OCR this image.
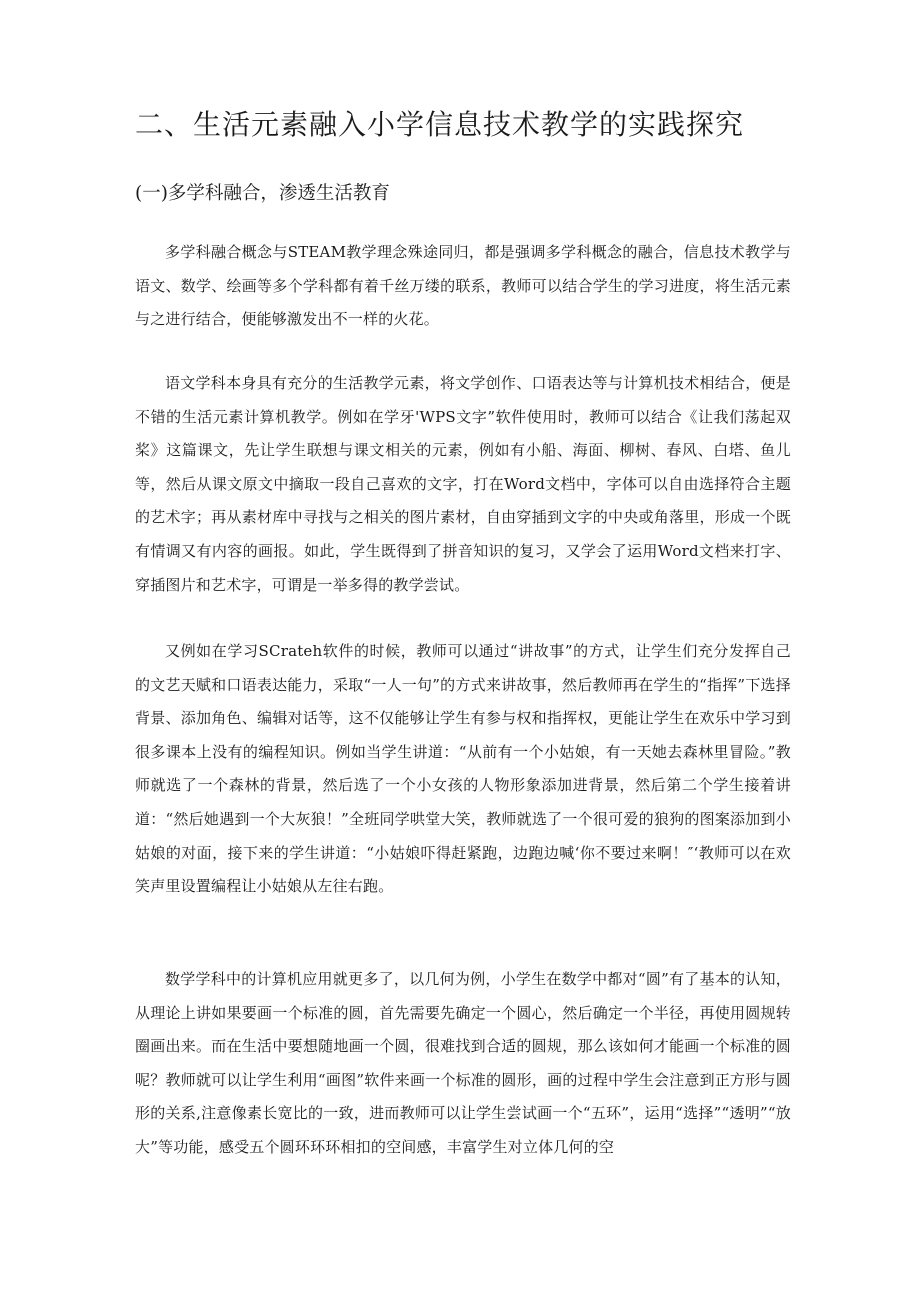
二、生活元素融入小学信息技术教学的实践探究
(一)多学科融合，渗透生活教育

多学科融合概念与STEAM教学理念殊途同归，都是强调多学科概念的融合，信息技术教学与语文、数学、绘画等多个学科都有着千丝万缕的联系，教师可以结合学生的学习进度，将生活元素与之进行结合，便能够激发出不一样的火花。

语文学科本身具有充分的生活教学元素，将文学创作、口语表达等与计算机技术相结合，便是不错的生活元素计算机教学。例如在学牙'WPS文字”软件使用时，教师可以结合《让我们荡起双桨》这篇课文，先让学生联想与课文相关的元素，例如有小船、海面、柳树、春风、白塔、鱼儿等，然后从课文原文中摘取一段自己喜欢的文字，打在Word文档中，字体可以自由选择符合主题的艺术字；再从素材库中寻找与之相关的图片素材，自由穿插到文字的中央或角落里，形成一个既有情调又有内容的画报。如此，学生既得到了拼音知识的复习，又学会了运用Word文档来打字、穿插图片和艺术字，可谓是一举多得的教学尝试。

又例如在学习SCrateh软件的时候，教师可以通过“讲故事”的方式，让学生们充分发挥自己的文艺天赋和口语表达能力，采取“一人一句”的方式来讲故事，然后教师再在学生的“指挥”下选择背景、添加角色、编辑对话等，这不仅能够让学生有参与权和指挥权，更能让学生在欢乐中学习到很多课本上没有的编程知识。例如当学生讲道：“从前有一个小姑娘，有一天她去森林里冒险。”教师就选了一个森林的背景，然后选了一个小女孩的人物形象添加进背景，然后第二个学生接着讲道：“然后她遇到一个大灰狼！”全班同学哄堂大笑，教师就选了一个很可爱的狼狗的图案添加到小姑娘的对面，接下来的学生讲道：“小姑娘吓得赶紧跑，边跑边喊‘你不要过来啊！″‘教师可以在欢笑声里设置编程让小姑娘从左往右跑。

数学学科中的计算机应用就更多了，以几何为例，小学生在数学中都对“圆”有了基本的认知，从理论上讲如果要画一个标准的圆，首先需要先确定一个圆心，然后确定一个半径，再使用圆规转圈画出来。而在生活中要想随地画一个圆，很难找到合适的圆规，那么该如何才能画一个标准的圆呢？教师就可以让学生利用“画图”软件来画一个标准的圆形，画的过程中学生会注意到正方形与圆形的关系,注意像素长宽比的一致，进而教师可以让学生尝试画一个“五环”，运用“选择”“透明”“放大”等功能，感受五个圆环环环相扣的空间感，丰富学生对立体几何的空
